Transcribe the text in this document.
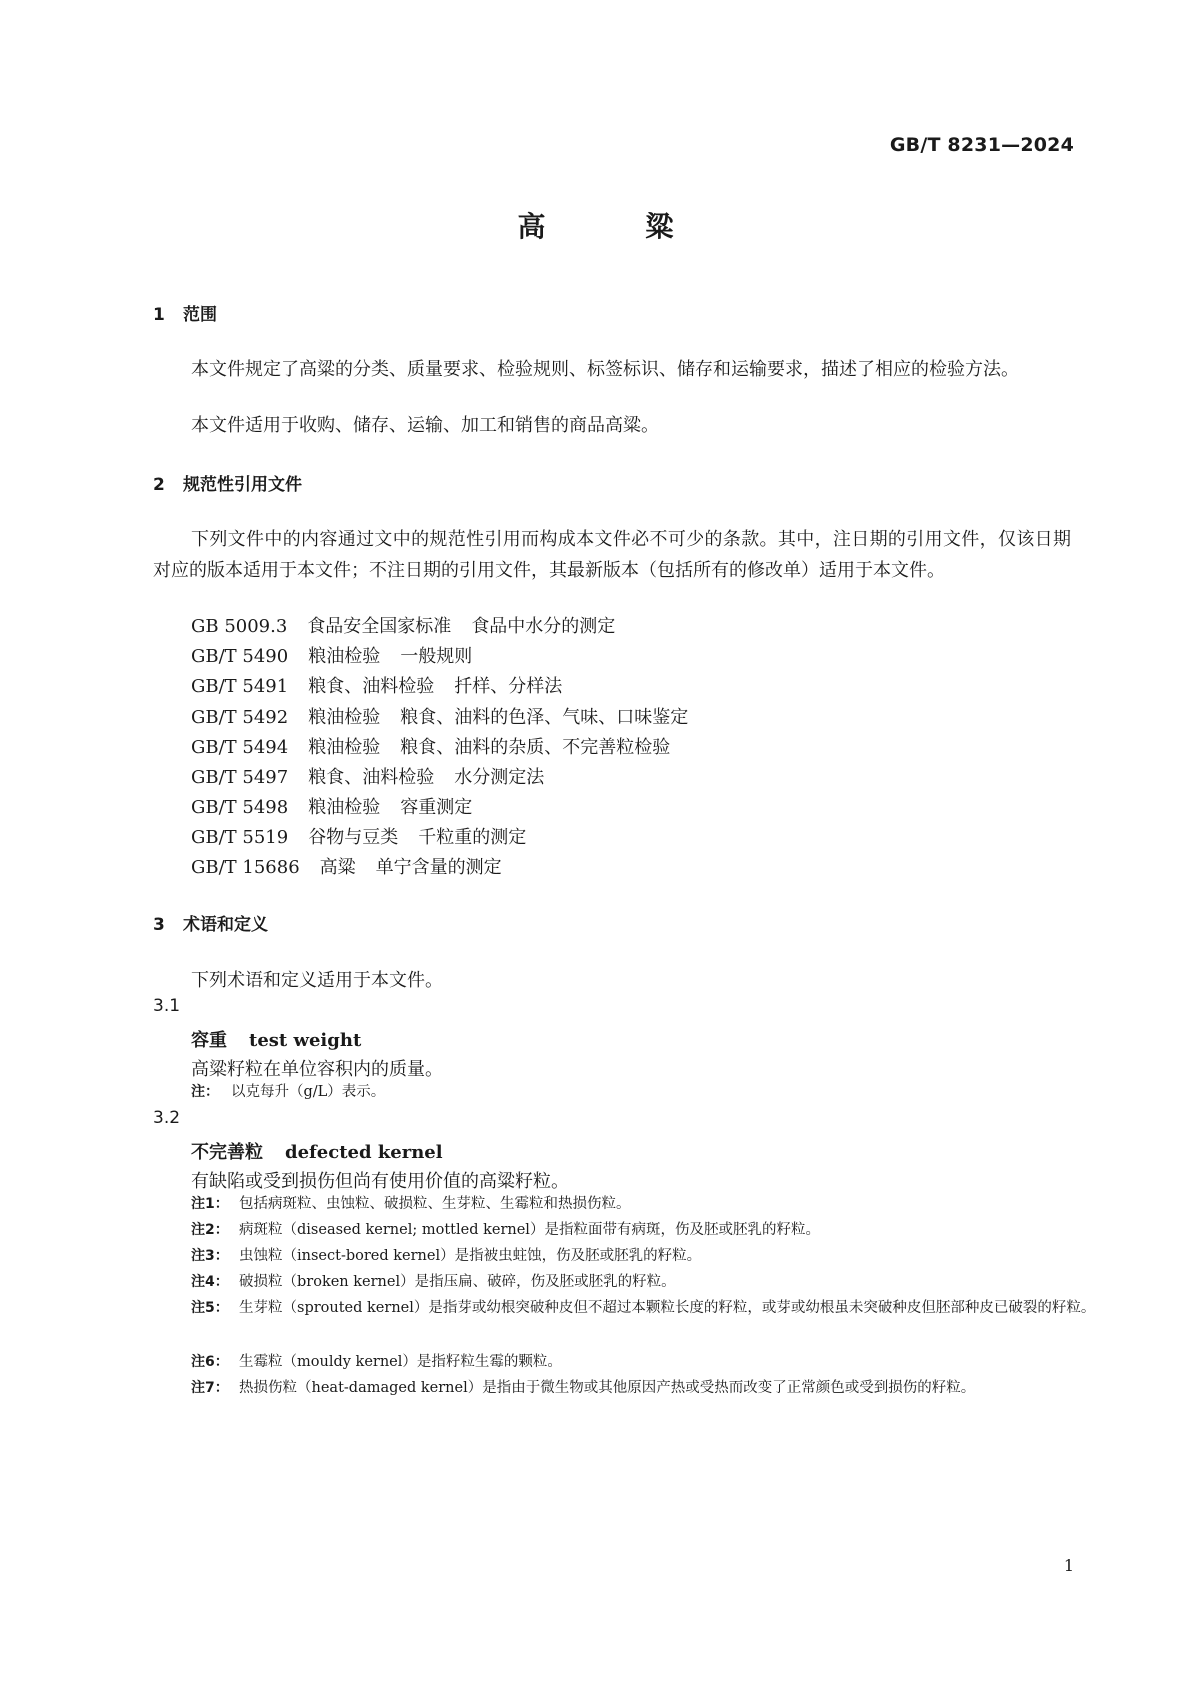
GB/T 8231—2024
高粱
1 范围
本文件规定了高粱的分类、质量要求、检验规则、标签标识、储存和运输要求，描述了相应的检验方法。
本文件适用于收购、储存、运输、加工和销售的商品高粱。
2 规范性引用文件
下列文件中的内容通过文中的规范性引用而构成本文件必不可少的条款。其中，注日期的引用文件，仅该日期对应的版本适用于本文件；不注日期的引用文件，其最新版本（包括所有的修改单）适用于本文件。
GB 5009.3 食品安全国家标准 食品中水分的测定
GB/T 5490 粮油检验 一般规则
GB/T 5491 粮食、油料检验 扦样、分样法
GB/T 5492 粮油检验 粮食、油料的色泽、气味、口味鉴定
GB/T 5494 粮油检验 粮食、油料的杂质、不完善粒检验
GB/T 5497 粮食、油料检验 水分测定法
GB/T 5498 粮油检验 容重测定
GB/T 5519 谷物与豆类 千粒重的测定
GB/T 15686 高粱 单宁含量的测定
3 术语和定义
下列术语和定义适用于本文件。
3.1
容重 test weight
高粱籽粒在单位容积内的质量。
注： 以克每升（g/L）表示。
3.2
不完善粒 defected kernel
有缺陷或受到损伤但尚有使用价值的高粱籽粒。
注1： 包括病斑粒、虫蚀粒、破损粒、生芽粒、生霉粒和热损伤粒。
注2： 病斑粒（diseased kernel; mottled kernel）是指粒面带有病斑，伤及胚或胚乳的籽粒。
注3： 虫蚀粒（insect-bored kernel）是指被虫蛀蚀，伤及胚或胚乳的籽粒。
注4： 破损粒（broken kernel）是指压扁、破碎，伤及胚或胚乳的籽粒。
注5： 生芽粒（sprouted kernel）是指芽或幼根突破种皮但不超过本颗粒长度的籽粒，或芽或幼根虽未突破种皮但胚部种皮已破裂的籽粒。
注6： 生霉粒（mouldy kernel）是指籽粒生霉的颗粒。
注7： 热损伤粒（heat-damaged kernel）是指由于微生物或其他原因产热或受热而改变了正常颜色或受到损伤的籽粒。
1
